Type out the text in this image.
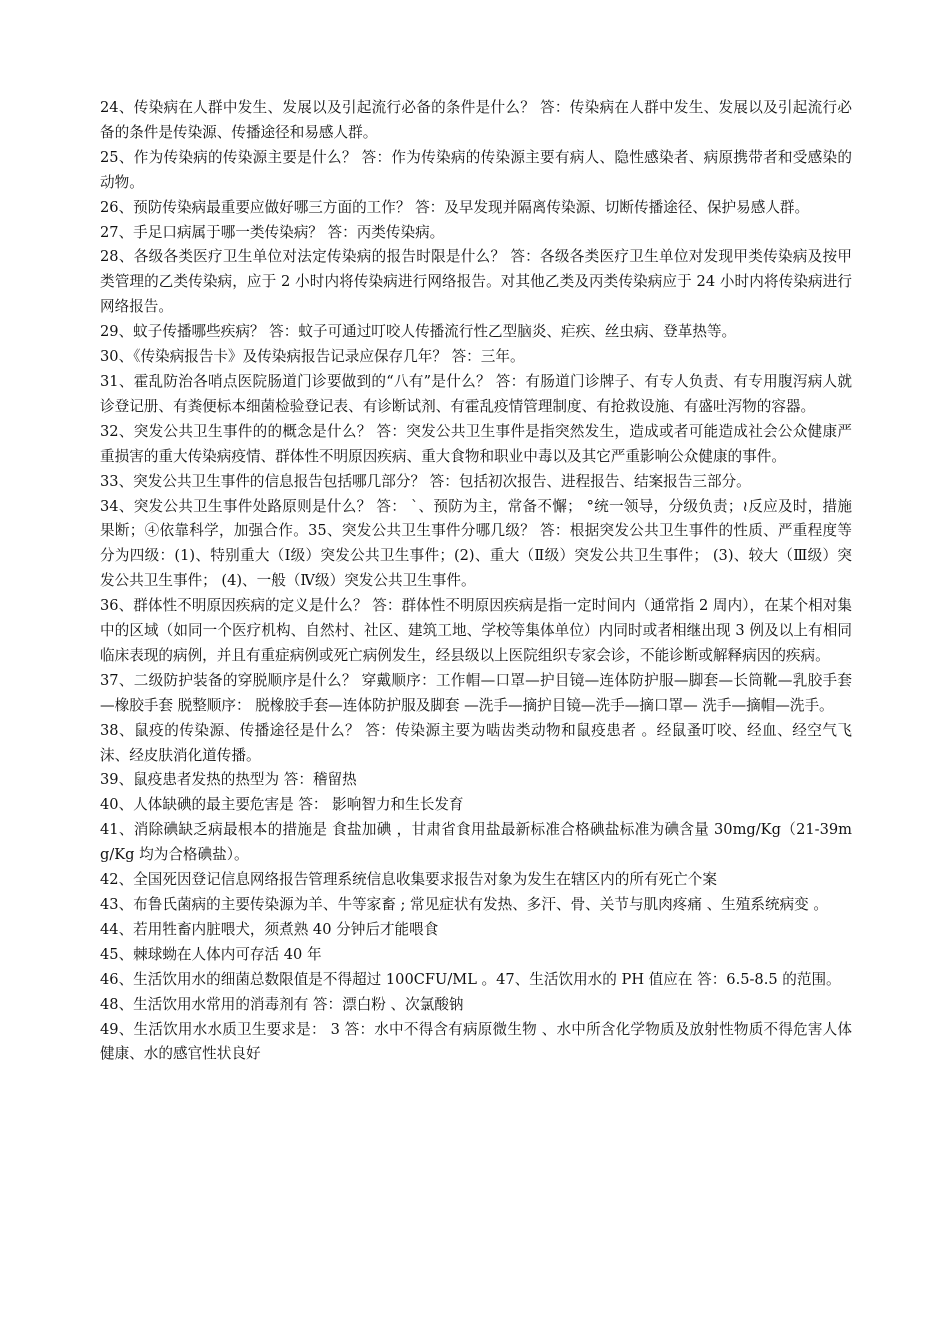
24、传染病在人群中发生、发展以及引起流行必备的条件是什么？ 答：传染病在人群中发生、发展以及引起流行必备的条件是传染源、传播途径和易感人群。

25、作为传染病的传染源主要是什么？ 答：作为传染病的传染源主要有病人、隐性感染者、病原携带者和受感染的动物。

26、预防传染病最重要应做好哪三方面的工作？ 答：及早发现并隔离传染源、切断传播途径、保护易感人群。

27、手足口病属于哪一类传染病？ 答：丙类传染病。

28、各级各类医疗卫生单位对法定传染病的报告时限是什么？ 答：各级各类医疗卫生单位对发现甲类传染病及按甲类管理的乙类传染病，应于 2 小时内将传染病进行网络报告。对其他乙类及丙类传染病应于 24 小时内将传染病进行网络报告。

29、蚊子传播哪些疾病？ 答：蚊子可通过叮咬人传播流行性乙型脑炎、疟疾、丝虫病、登革热等。

30、《传染病报告卡》及传染病报告记录应保存几年？ 答：三年。

31、霍乱防治各哨点医院肠道门诊要做到的“八有”是什么？ 答：有肠道门诊牌子、有专人负责、有专用腹泻病人就诊登记册、有粪便标本细菌检验登记表、有诊断试剂、有霍乱疫情管理制度、有抢救设施、有盛吐泻物的容器。

32、突发公共卫生事件的的概念是什么？ 答：突发公共卫生事件是指突然发生，造成或者可能造成社会公众健康严重损害的重大传染病疫情、群体性不明原因疾病、重大食物和职业中毒以及其它严重影响公众健康的事件。

33、突发公共卫生事件的信息报告包括哪几部分？ 答：包括初次报告、进程报告、结案报告三部分。

34、突发公共卫生事件处路原则是什么？ 答： ˋ、预防为主，常备不懈； °统一领导，分级负责；≀反应及时，措施果断；④依靠科学，加强合作。35、突发公共卫生事件分哪几级？ 答：根据突发公共卫生事件的性质、严重程度等分为四级：(1)、特别重大（Ⅰ级）突发公共卫生事件；(2)、重大（Ⅱ级）突发公共卫生事件； (3)、较大（Ⅲ级）突发公共卫生事件； (4)、一般（Ⅳ级）突发公共卫生事件。

36、群体性不明原因疾病的定义是什么？ 答：群体性不明原因疾病是指一定时间内（通常指 2 周内），在某个相对集中的区域（如同一个医疗机构、自然村、社区、建筑工地、学校等集体单位）内同时或者相继出现 3 例及以上有相同临床表现的病例，并且有重症病例或死亡病例发生，经县级以上医院组织专家会诊，不能诊断或解释病因的疾病。

37、二级防护装备的穿脱顺序是什么？ 穿戴顺序：工作帽—口罩—护目镜—连体防护服—脚套—长筒靴—乳胶手套—橡胶手套 脱整顺序： 脱橡胶手套—连体防护服及脚套 —洗手—摘护目镜—洗手—摘口罩— 洗手—摘帽—洗手。

38、鼠疫的传染源、传播途径是什么？ 答：传染源主要为啮齿类动物和鼠疫患者 。经鼠蚤叮咬、经血、经空气飞沫、经皮肤消化道传播。

39、鼠疫患者发热的热型为 答：稽留热

40、人体缺碘的最主要危害是 答： 影响智力和生长发育

41、消除碘缺乏病最根本的措施是 食盐加碘 ，甘肃省食用盐最新标准合格碘盐标准为碘含量 30mg/Kg（21-39mg/Kg 均为合格碘盐）。

42、全国死因登记信息网络报告管理系统信息收集要求报告对象为发生在辖区内的所有死亡个案

43、布鲁氏菌病的主要传染源为羊、牛等家畜 ; 常见症状有发热、多汗、骨、关节与肌肉疼痛 、生殖系统病变 。

44、若用牲畜内脏喂犬，须煮熟 40 分钟后才能喂食

45、棘球蚴在人体内可存活 40 年

46、生活饮用水的细菌总数限值是不得超过 100CFU/ML 。47、生活饮用水的 PH 值应在 答：6.5-8.5 的范围。

48、生活饮用水常用的消毒剂有 答：漂白粉 、次氯酸钠

49、生活饮用水水质卫生要求是： 3 答：水中不得含有病原微生物 、水中所含化学物质及放射性物质不得危害人体健康、水的感官性状良好
